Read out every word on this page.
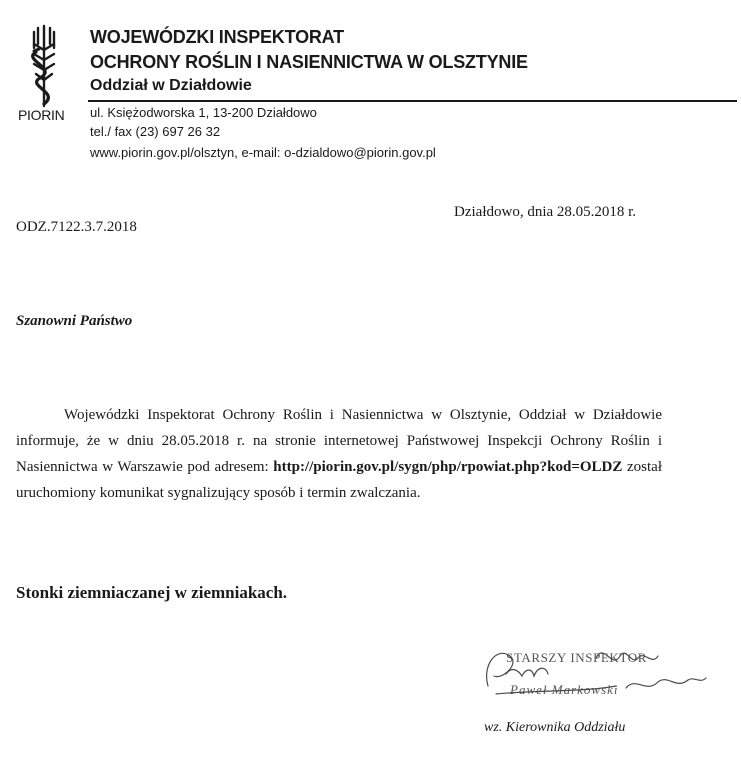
PIORIN
WOJEWÓDZKI INSPEKTORAT
OCHRONY ROŚLIN I NASIENNICTWA W OLSZTYNIE
Oddział w Działdowie
ul. Księżodworska 1, 13-200 Działdowo
tel./ fax (23) 697 26 32
www.piorin.gov.pl/olsztyn, e-mail: o-dzialdowo@piorin.gov.pl
Działdowo, dnia 28.05.2018 r.
ODZ.7122.3.7.2018
Szanowni Państwo

Wojewódzki Inspektorat Ochrony Roślin i Nasiennictwa w Olsztynie, Oddział w Działdowie informuje, że w dniu 28.05.2018 r. na stronie internetowej Państwowej Inspekcji Ochrony Roślin i Nasiennictwa w Warszawie pod adresem: http://piorin.gov.pl/sygn/php/rpowiat.php?kod=OLDZ został uruchomiony komunikat sygnalizujący sposób i termin zwalczania.

Stonki ziemniaczanej w ziemniakach.
STARSZY INSPEKTOR
Paweł Markowski
wz. Kierownika Oddziału
